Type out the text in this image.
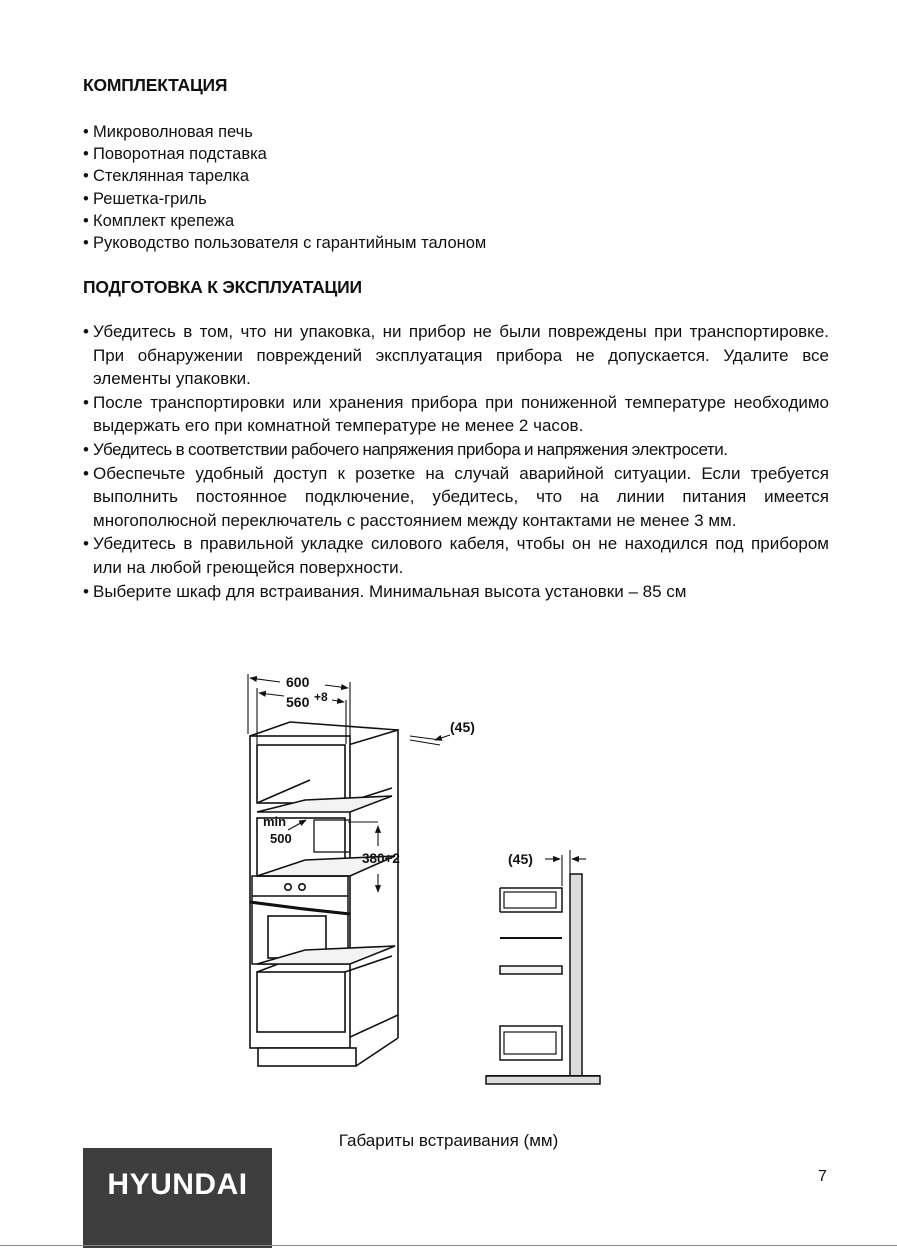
КОМПЛЕКТАЦИЯ
• Микроволновая печь
• Поворотная подставка
• Стеклянная тарелка
• Решетка-гриль
• Комплект крепежа
• Руководство пользователя с гарантийным талоном
ПОДГОТОВКА К ЭКСПЛУАТАЦИИ
• Убедитесь в том, что ни упаковка, ни прибор не были повреждены при транспортировке. При обнаружении повреждений эксплуатация прибора не допускается. Удалите все элементы упаковки.
• После транспортировки или хранения прибора при пониженной температуре необходимо выдержать его при комнатной температуре не менее 2 часов.
• Убедитесь в соответствии рабочего напряжения прибора и напряжения электросети.
• Обеспечьте удобный доступ к розетке на случай аварийной ситуации. Если требуется выполнить постоянное подключение, убедитесь, что на линии питания имеется многополюсной переключатель с расстоянием между контактами не менее 3 мм.
• Убедитесь в правильной укладке силового кабеля, чтобы он не находился под прибором или на любой греющейся поверхности.
• Выберите шкаф для встраивания. Минимальная высота установки – 85 см
600
560 +8
(45)
min
500
380+2	(45)
Габариты встраивания (мм)
HYUNDAI	7
